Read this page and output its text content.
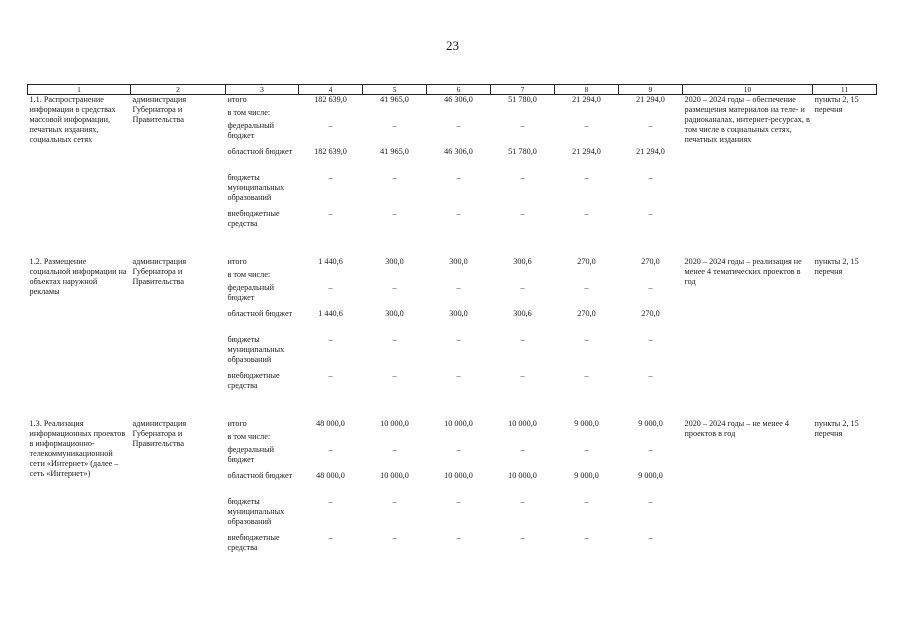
23
1	2	3	4	5	6	7	8	9	10	11
1.1. Распространение информации в средствах массовой информации, печатных изданиях, социальных сетях	администрация Губернатора и Правительства	итого	182 639,0	41 965,0	46 306,0	51 780,0	21 294,0	21 294,0	2020 – 2024 годы – обеспечение размещения материалов на теле- и радиоканалах, интернет-ресурсах, в том числе в социальных сетях, печатных изданиях	пункты 2, 15 перечня
		в том числе:								
		федеральный бюджет	–	–	–	–	–	–		
		областной бюджет	182 639,0	41 965,0	46 306,0	51 780,0	21 294,0	21 294,0		
		бюджеты муниципальных образований	–	–	–	–	–	–		
		внебюджетные средства	–	–	–	–	–	–		

1.2. Размещение социальной информации на объектах наружной рекламы	администрация Губернатора и Правительства	итого	1 440,6	300,0	300,0	300,6	270,0	270,0	2020 – 2024 годы – реализация не менее 4 тематических проектов в год	пункты 2, 15 перечня
		в том числе:								
		федеральный бюджет	–	–	–	–	–	–		
		областной бюджет	1 440,6	300,0	300,0	300,6	270,0	270,0		
		бюджеты муниципальных образований	–	–	–	–	–	–		
		внебюджетные средства	–	–	–	–	–	–		

1.3. Реализация информационных проектов в информационно-телекоммуникационной сети «Интернет» (далее – сеть «Интернет»)	администрация Губернатора и Правительства	итого	48 000,0	10 000,0	10 000,0	10 000,0	9 000,0	9 000,0	2020 – 2024 годы – не менее 4 проектов в год	пункты 2, 15 перечня
		в том числе:								
		федеральный бюджет	–	–	–	–	–	–		
		областной бюджет	48 000,0	10 000,0	10 000,0	10 000,0	9 000,0	9 000,0		
		бюджеты муниципальных образований	–	–	–	–	–	–		
		внебюджетные средства	–	–	–	–	–	–		
